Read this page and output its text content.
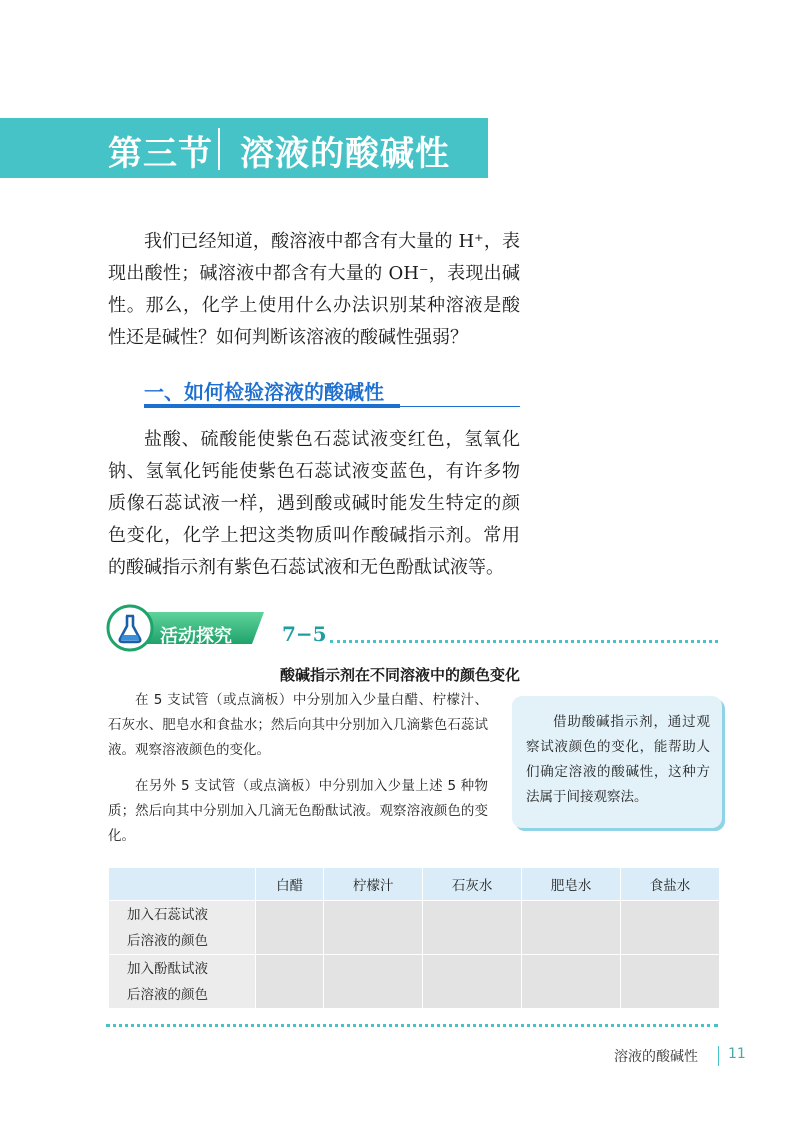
第三节 溶液的酸碱性

我们已经知道，酸溶液中都含有大量的 H⁺，表现出酸性；碱溶液中都含有大量的 OH⁻，表现出碱性。那么，化学上使用什么办法识别某种溶液是酸性还是碱性？如何判断该溶液的酸碱性强弱？

一、如何检验溶液的酸碱性

盐酸、硫酸能使紫色石蕊试液变红色，氢氧化钠、氢氧化钙能使紫色石蕊试液变蓝色，有许多物质像石蕊试液一样，遇到酸或碱时能发生特定的颜色变化，化学上把这类物质叫作酸碱指示剂。常用的酸碱指示剂有紫色石蕊试液和无色酚酞试液等。

活动探究	7−5
酸碱指示剂在不同溶液中的颜色变化

在 5 支试管（或点滴板）中分别加入少量白醋、柠檬汁、石灰水、肥皂水和食盐水；然后向其中分别加入几滴紫色石蕊试液。观察溶液颜色的变化。

在另外 5 支试管（或点滴板）中分别加入少量上述 5 种物质；然后向其中分别加入几滴无色酚酞试液。观察溶液颜色的变化。

借助酸碱指示剂，通过观察试液颜色的变化，能帮助人们确定溶液的酸碱性，这种方法属于间接观察法。

	白醋	柠檬汁	石灰水	肥皂水	食盐水
加入石蕊试液
后溶液的颜色					
加入酚酞试液
后溶液的颜色					
溶液的酸碱性 11
